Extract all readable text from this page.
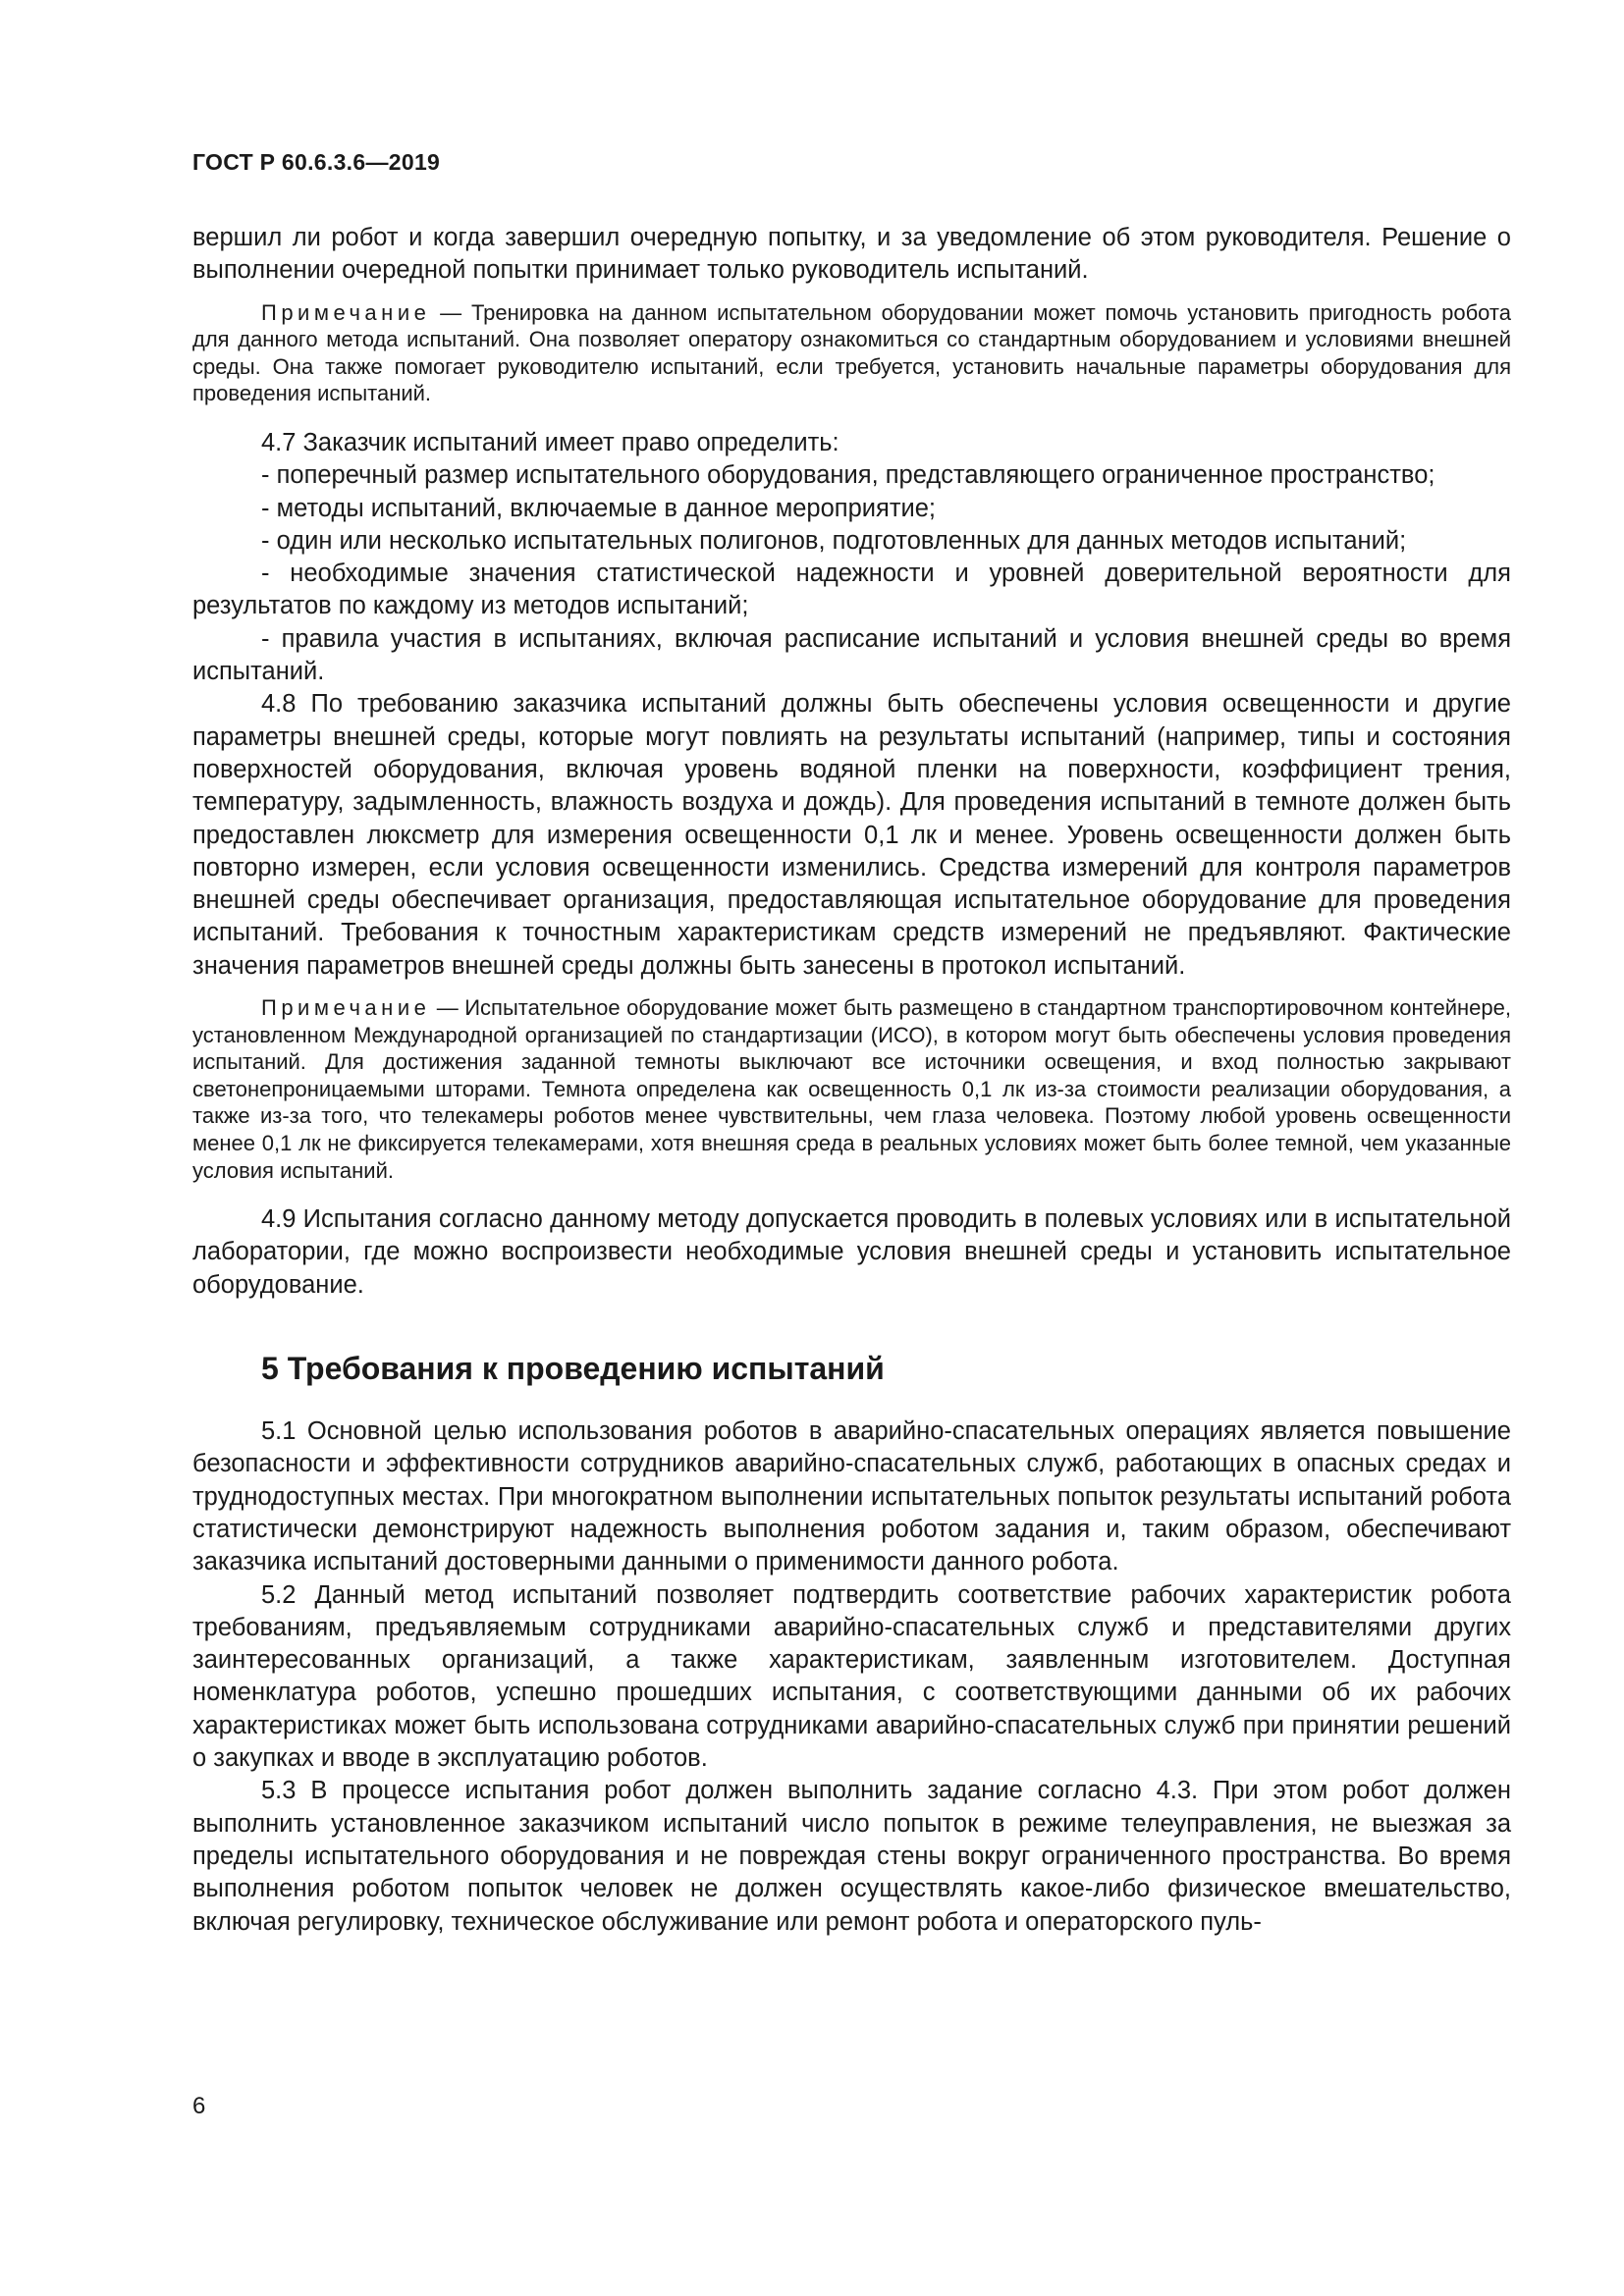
ГОСТ Р 60.6.3.6—2019

вершил ли робот и когда завершил очередную попытку, и за уведомление об этом руководителя. Решение о выполнении очередной попытки принимает только руководитель испытаний.

Примечание — Тренировка на данном испытательном оборудовании может помочь установить пригодность робота для данного метода испытаний. Она позволяет оператору ознакомиться со стандартным оборудованием и условиями внешней среды. Она также помогает руководителю испытаний, если требуется, установить начальные параметры оборудования для проведения испытаний.

4.7 Заказчик испытаний имеет право определить:

- поперечный размер испытательного оборудования, представляющего ограниченное пространство;

- методы испытаний, включаемые в данное мероприятие;

- один или несколько испытательных полигонов, подготовленных для данных методов испытаний;

- необходимые значения статистической надежности и уровней доверительной вероятности для результатов по каждому из методов испытаний;

- правила участия в испытаниях, включая расписание испытаний и условия внешней среды во время испытаний.

4.8 По требованию заказчика испытаний должны быть обеспечены условия освещенности и другие параметры внешней среды, которые могут повлиять на результаты испытаний (например, типы и состояния поверхностей оборудования, включая уровень водяной пленки на поверхности, коэффициент трения, температуру, задымленность, влажность воздуха и дождь). Для проведения испытаний в темноте должен быть предоставлен люксметр для измерения освещенности 0,1 лк и менее. Уровень освещенности должен быть повторно измерен, если условия освещенности изменились. Средства измерений для контроля параметров внешней среды обеспечивает организация, предоставляющая испытательное оборудование для проведения испытаний. Требования к точностным характеристикам средств измерений не предъявляют. Фактические значения параметров внешней среды должны быть занесены в протокол испытаний.

Примечание — Испытательное оборудование может быть размещено в стандартном транспортировочном контейнере, установленном Международной организацией по стандартизации (ИСО), в котором могут быть обеспечены условия проведения испытаний. Для достижения заданной темноты выключают все источники освещения, и вход полностью закрывают светонепроницаемыми шторами. Темнота определена как освещенность 0,1 лк из-за стоимости реализации оборудования, а также из-за того, что телекамеры роботов менее чувствительны, чем глаза человека. Поэтому любой уровень освещенности менее 0,1 лк не фиксируется телекамерами, хотя внешняя среда в реальных условиях может быть более темной, чем указанные условия испытаний.

4.9 Испытания согласно данному методу допускается проводить в полевых условиях или в испытательной лаборатории, где можно воспроизвести необходимые условия внешней среды и установить испытательное оборудование.

5 Требования к проведению испытаний

5.1 Основной целью использования роботов в аварийно-спасательных операциях является повышение безопасности и эффективности сотрудников аварийно-спасательных служб, работающих в опасных средах и труднодоступных местах. При многократном выполнении испытательных попыток результаты испытаний робота статистически демонстрируют надежность выполнения роботом задания и, таким образом, обеспечивают заказчика испытаний достоверными данными о применимости данного робота.

5.2 Данный метод испытаний позволяет подтвердить соответствие рабочих характеристик робота требованиям, предъявляемым сотрудниками аварийно-спасательных служб и представителями других заинтересованных организаций, а также характеристикам, заявленным изготовителем. Доступная номенклатура роботов, успешно прошедших испытания, с соответствующими данными об их рабочих характеристиках может быть использована сотрудниками аварийно-спасательных служб при принятии решений о закупках и вводе в эксплуатацию роботов.

5.3 В процессе испытания робот должен выполнить задание согласно 4.3. При этом робот должен выполнить установленное заказчиком испытаний число попыток в режиме телеуправления, не выезжая за пределы испытательного оборудования и не повреждая стены вокруг ограниченного пространства. Во время выполнения роботом попыток человек не должен осуществлять какое-либо физическое вмешательство, включая регулировку, техническое обслуживание или ремонт робота и операторского пуль-

6
